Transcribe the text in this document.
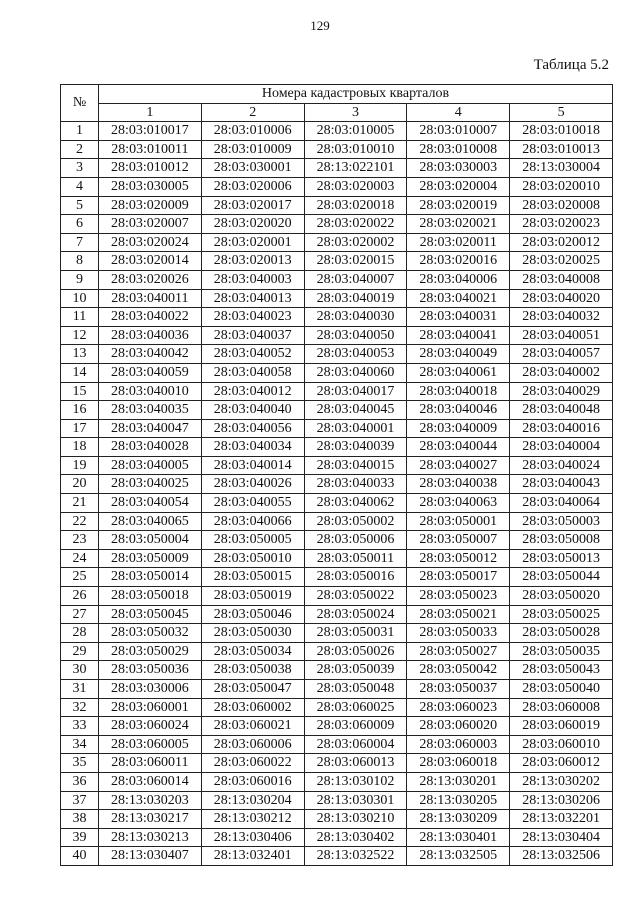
129
Таблица 5.2
№	Номера кадастровых кварталов				
	1	2	3	4	5
1	28:03:010017	28:03:010006	28:03:010005	28:03:010007	28:03:010018
2	28:03:010011	28:03:010009	28:03:010010	28:03:010008	28:03:010013
3	28:03:010012	28:03:030001	28:13:022101	28:03:030003	28:13:030004
4	28:03:030005	28:03:020006	28:03:020003	28:03:020004	28:03:020010
5	28:03:020009	28:03:020017	28:03:020018	28:03:020019	28:03:020008
6	28:03:020007	28:03:020020	28:03:020022	28:03:020021	28:03:020023
7	28:03:020024	28:03:020001	28:03:020002	28:03:020011	28:03:020012
8	28:03:020014	28:03:020013	28:03:020015	28:03:020016	28:03:020025
9	28:03:020026	28:03:040003	28:03:040007	28:03:040006	28:03:040008
10	28:03:040011	28:03:040013	28:03:040019	28:03:040021	28:03:040020
11	28:03:040022	28:03:040023	28:03:040030	28:03:040031	28:03:040032
12	28:03:040036	28:03:040037	28:03:040050	28:03:040041	28:03:040051
13	28:03:040042	28:03:040052	28:03:040053	28:03:040049	28:03:040057
14	28:03:040059	28:03:040058	28:03:040060	28:03:040061	28:03:040002
15	28:03:040010	28:03:040012	28:03:040017	28:03:040018	28:03:040029
16	28:03:040035	28:03:040040	28:03:040045	28:03:040046	28:03:040048
17	28:03:040047	28:03:040056	28:03:040001	28:03:040009	28:03:040016
18	28:03:040028	28:03:040034	28:03:040039	28:03:040044	28:03:040004
19	28:03:040005	28:03:040014	28:03:040015	28:03:040027	28:03:040024
20	28:03:040025	28:03:040026	28:03:040033	28:03:040038	28:03:040043
21	28:03:040054	28:03:040055	28:03:040062	28:03:040063	28:03:040064
22	28:03:040065	28:03:040066	28:03:050002	28:03:050001	28:03:050003
23	28:03:050004	28:03:050005	28:03:050006	28:03:050007	28:03:050008
24	28:03:050009	28:03:050010	28:03:050011	28:03:050012	28:03:050013
25	28:03:050014	28:03:050015	28:03:050016	28:03:050017	28:03:050044
26	28:03:050018	28:03:050019	28:03:050022	28:03:050023	28:03:050020
27	28:03:050045	28:03:050046	28:03:050024	28:03:050021	28:03:050025
28	28:03:050032	28:03:050030	28:03:050031	28:03:050033	28:03:050028
29	28:03:050029	28:03:050034	28:03:050026	28:03:050027	28:03:050035
30	28:03:050036	28:03:050038	28:03:050039	28:03:050042	28:03:050043
31	28:03:030006	28:03:050047	28:03:050048	28:03:050037	28:03:050040
32	28:03:060001	28:03:060002	28:03:060025	28:03:060023	28:03:060008
33	28:03:060024	28:03:060021	28:03:060009	28:03:060020	28:03:060019
34	28:03:060005	28:03:060006	28:03:060004	28:03:060003	28:03:060010
35	28:03:060011	28:03:060022	28:03:060013	28:03:060018	28:03:060012
36	28:03:060014	28:03:060016	28:13:030102	28:13:030201	28:13:030202
37	28:13:030203	28:13:030204	28:13:030301	28:13:030205	28:13:030206
38	28:13:030217	28:13:030212	28:13:030210	28:13:030209	28:13:032201
39	28:13:030213	28:13:030406	28:13:030402	28:13:030401	28:13:030404
40	28:13:030407	28:13:032401	28:13:032522	28:13:032505	28:13:032506
